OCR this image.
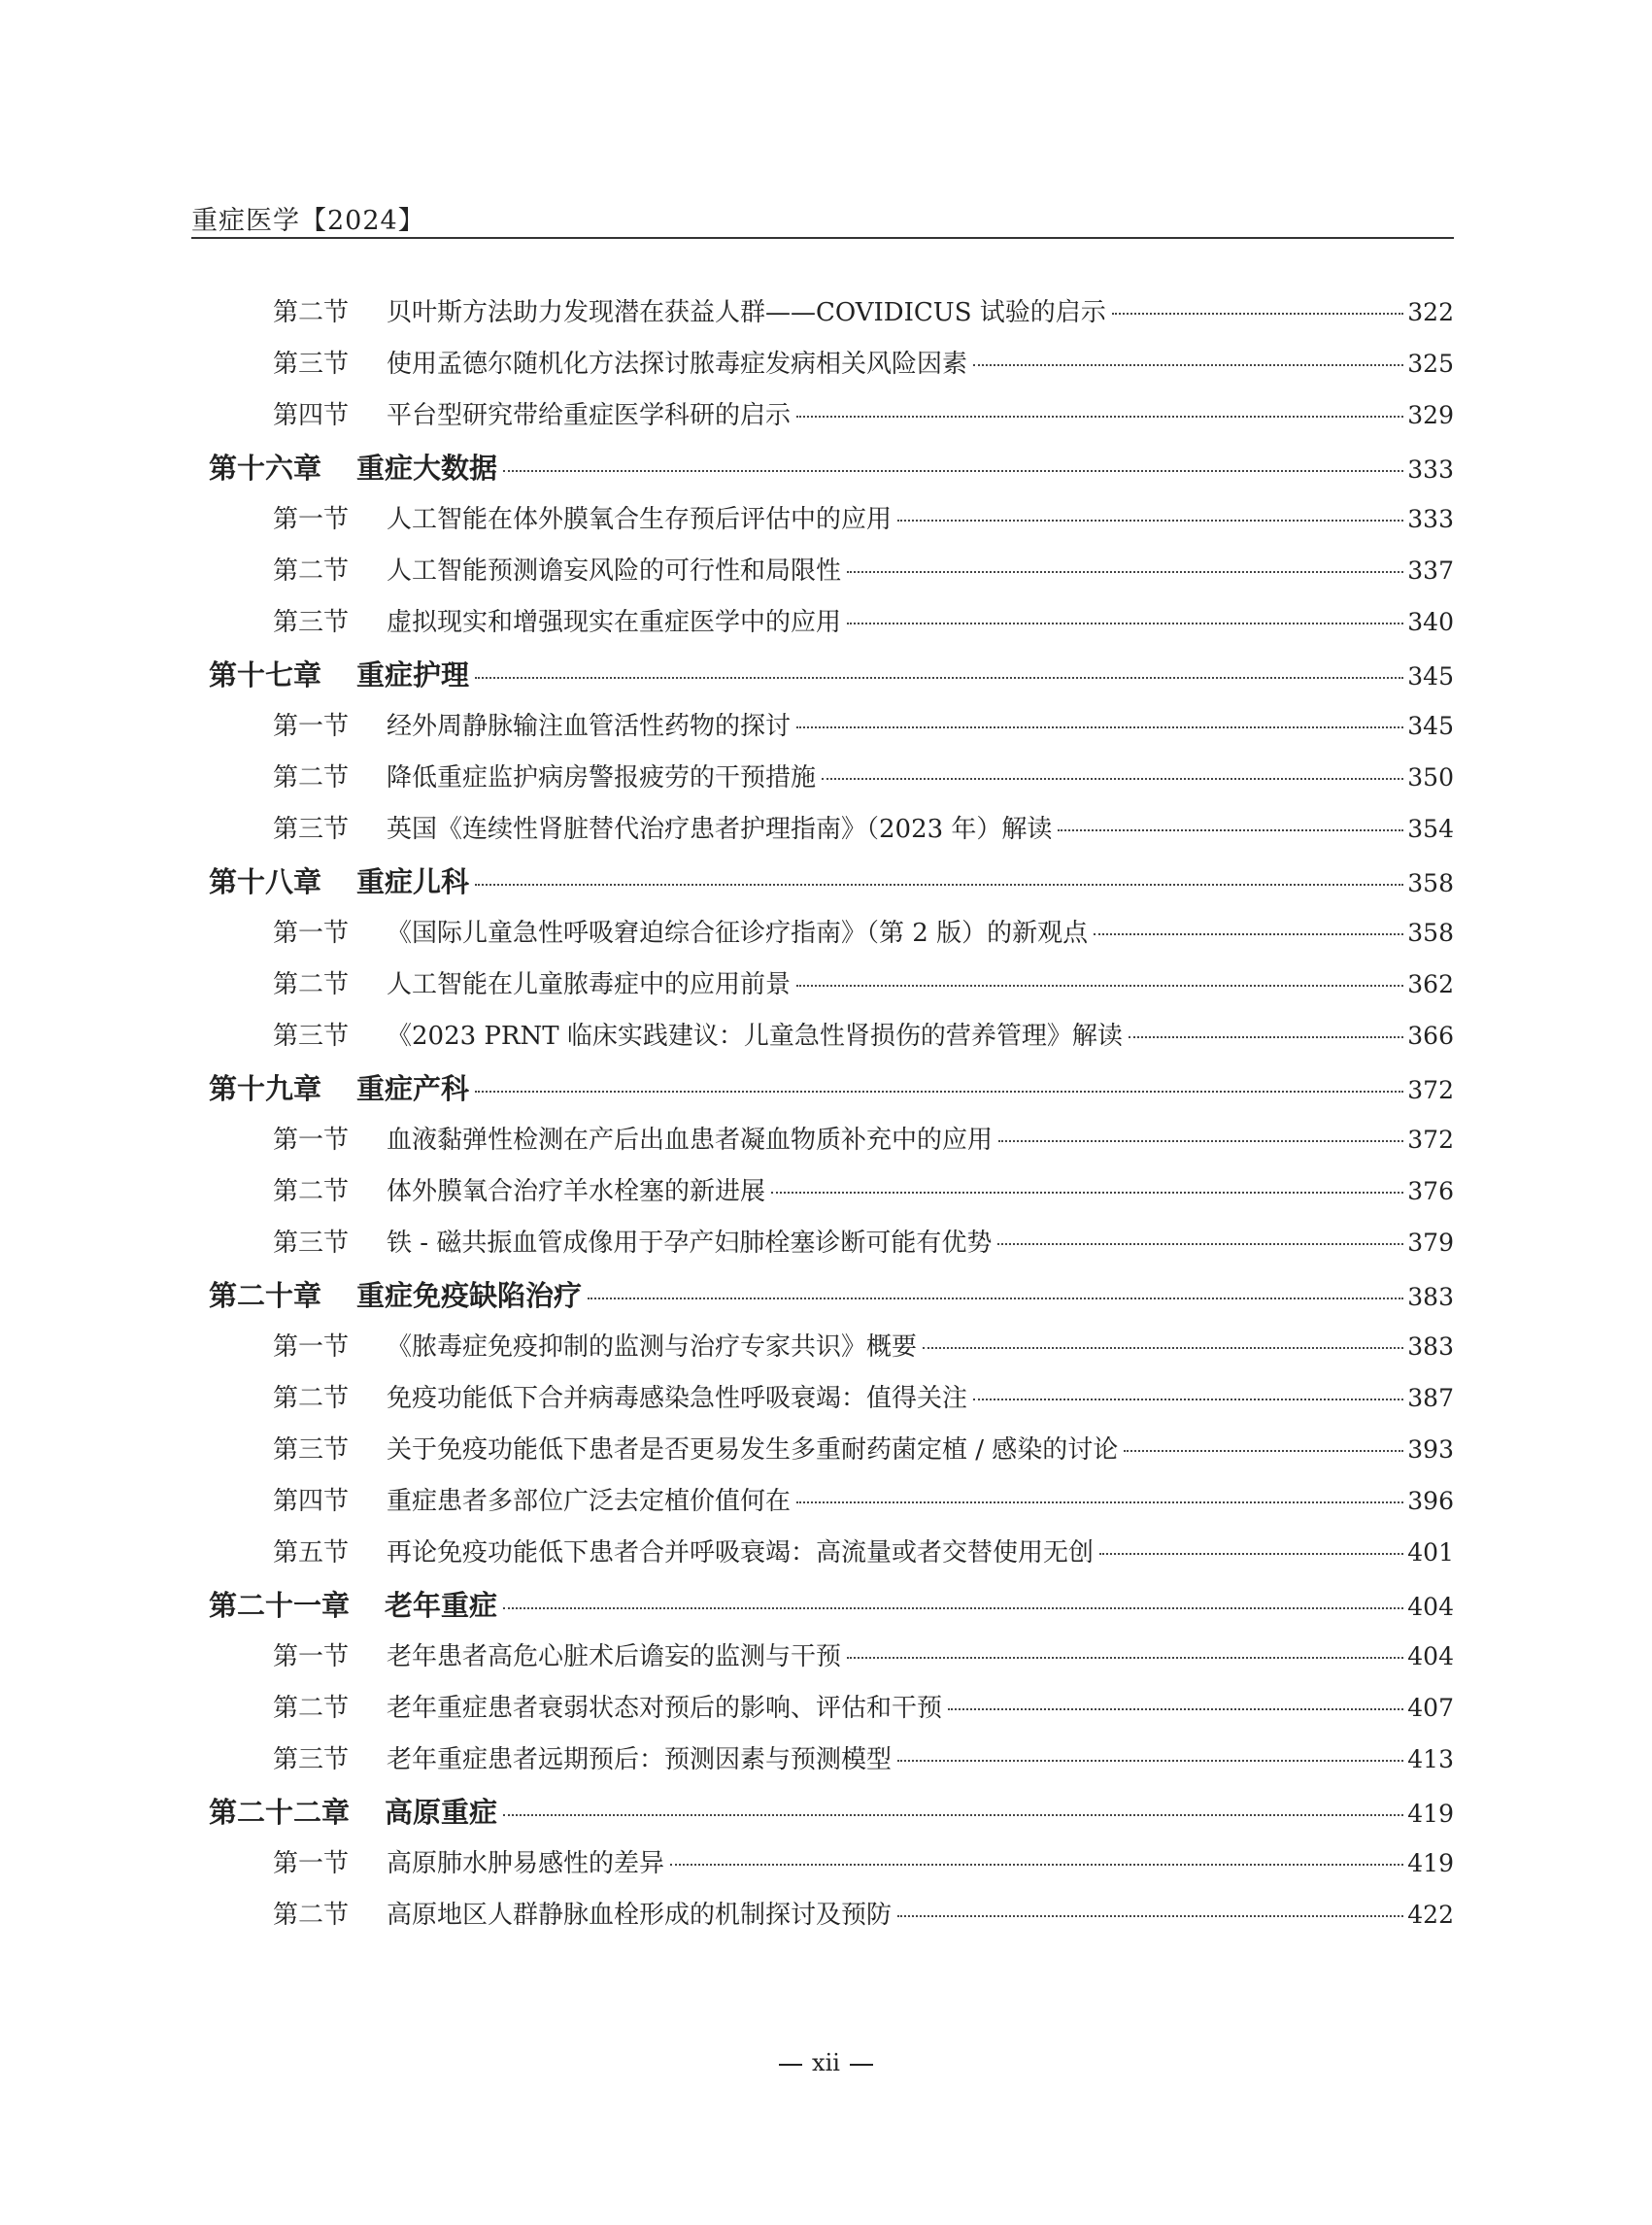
重症医学【2024】
第二节	贝叶斯方法助力发现潜在获益人群——COVIDICUS 试验的启示	322
第三节	使用孟德尔随机化方法探讨脓毒症发病相关风险因素	325
第四节	平台型研究带给重症医学科研的启示	329
第十六章 重症大数据	333
第一节	人工智能在体外膜氧合生存预后评估中的应用	333
第二节	人工智能预测谵妄风险的可行性和局限性	337
第三节	虚拟现实和增强现实在重症医学中的应用	340
第十七章 重症护理	345
第一节	经外周静脉输注血管活性药物的探讨	345
第二节	降低重症监护病房警报疲劳的干预措施	350
第三节	英国《连续性肾脏替代治疗患者护理指南》（2023 年）解读	354
第十八章 重症儿科	358
第一节	《国际儿童急性呼吸窘迫综合征诊疗指南》（第 2 版）的新观点	358
第二节	人工智能在儿童脓毒症中的应用前景	362
第三节	《2023 PRNT 临床实践建议：儿童急性肾损伤的营养管理》解读	366
第十九章 重症产科	372
第一节	血液黏弹性检测在产后出血患者凝血物质补充中的应用	372
第二节	体外膜氧合治疗羊水栓塞的新进展	376
第三节	铁 - 磁共振血管成像用于孕产妇肺栓塞诊断可能有优势	379
第二十章 重症免疫缺陷治疗	383
第一节	《脓毒症免疫抑制的监测与治疗专家共识》概要	383
第二节	免疫功能低下合并病毒感染急性呼吸衰竭：值得关注	387
第三节	关于免疫功能低下患者是否更易发生多重耐药菌定植 / 感染的讨论	393
第四节	重症患者多部位广泛去定植价值何在	396
第五节	再论免疫功能低下患者合并呼吸衰竭：高流量或者交替使用无创	401
第二十一章 老年重症	404
第一节	老年患者高危心脏术后谵妄的监测与干预	404
第二节	老年重症患者衰弱状态对预后的影响、评估和干预	407
第三节	老年重症患者远期预后：预测因素与预测模型	413
第二十二章 高原重症	419
第一节	高原肺水肿易感性的差异	419
第二节	高原地区人群静脉血栓形成的机制探讨及预防	422
xii
